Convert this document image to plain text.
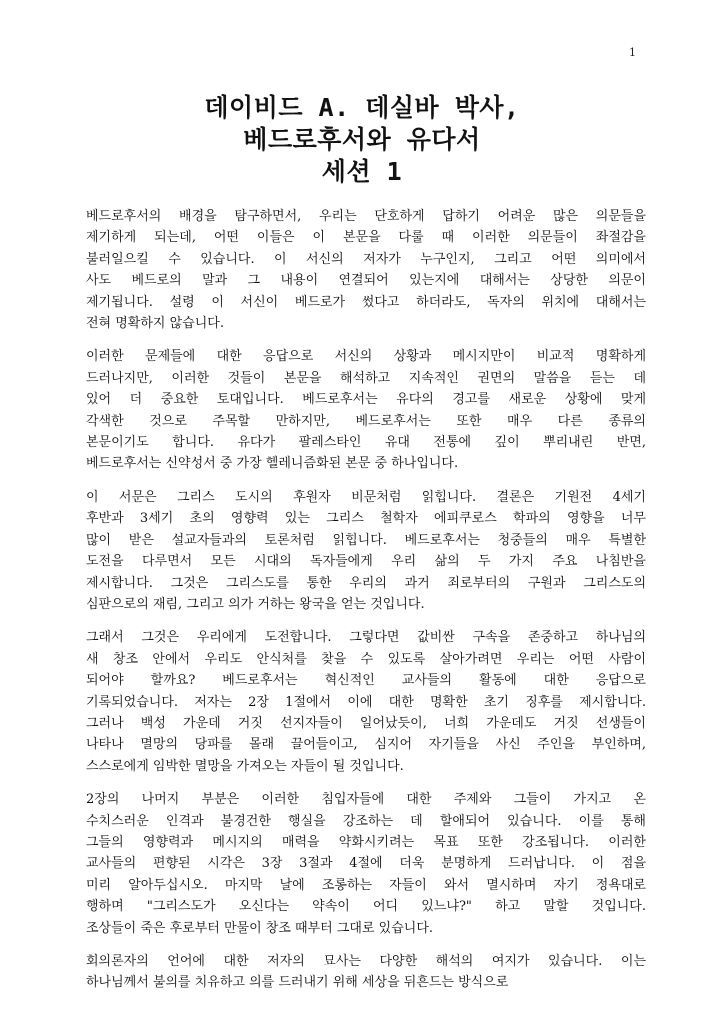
1
데이비드 A. 데실바 박사,
베드로후서와 유다서
세션 1
베드로후서의 배경을 탐구하면서, 우리는 단호하게 답하기 어려운 많은 의문들을
제기하게 되는데, 어떤 이들은 이 본문을 다룰 때 이러한 의문들이 좌절감을
불러일으킬 수 있습니다. 이 서신의 저자가 누구인지, 그리고 어떤 의미에서
사도 베드로의 말과 그 내용이 연결되어 있는지에 대해서는 상당한 의문이
제기됩니다. 설령 이 서신이 베드로가 썼다고 하더라도, 독자의 위치에 대해서는
전혀 명확하지 않습니다.
이러한 문제들에 대한 응답으로 서신의 상황과 메시지만이 비교적 명확하게
드러나지만, 이러한 것들이 본문을 해석하고 지속적인 권면의 말씀을 듣는 데
있어 더 중요한 토대입니다. 베드로후서는 유다의 경고를 새로운 상황에 맞게
각색한 것으로 주목할 만하지만, 베드로후서는 또한 매우 다른 종류의
본문이기도 합니다. 유다가 팔레스타인 유대 전통에 깊이 뿌리내린 반면,
베드로후서는 신약성서 중 가장 헬레니즘화된 본문 중 하나입니다.
이 서문은 그리스 도시의 후원자 비문처럼 읽힙니다. 결론은 기원전 4세기
후반과 3세기 초의 영향력 있는 그리스 철학자 에피쿠로스 학파의 영향을 너무
많이 받은 설교자들과의 토론처럼 읽힙니다. 베드로후서는 청중들의 매우 특별한
도전을 다루면서 모든 시대의 독자들에게 우리 삶의 두 가지 주요 나침반을
제시합니다. 그것은 그리스도를 통한 우리의 과거 죄로부터의 구원과 그리스도의
심판으로의 재림, 그리고 의가 거하는 왕국을 얻는 것입니다.
그래서 그것은 우리에게 도전합니다. 그렇다면 값비싼 구속을 존중하고 하나님의
새 창조 안에서 우리도 안식처를 찾을 수 있도록 살아가려면 우리는 어떤 사람이
되어야 할까요? 베드로후서는 혁신적인 교사들의 활동에 대한 응답으로
기록되었습니다. 저자는 2장 1절에서 이에 대한 명확한 초기 징후를 제시합니다.
그러나 백성 가운데 거짓 선지자들이 일어났듯이, 너희 가운데도 거짓 선생들이
나타나 멸망의 당파를 몰래 끌어들이고, 심지어 자기들을 사신 주인을 부인하며,
스스로에게 임박한 멸망을 가져오는 자들이 될 것입니다.
2장의 나머지 부분은 이러한 침입자들에 대한 주제와 그들이 가지고 온
수치스러운 인격과 불경건한 행실을 강조하는 데 할애되어 있습니다. 이를 통해
그들의 영향력과 메시지의 매력을 약화시키려는 목표 또한 강조됩니다. 이러한
교사들의 편향된 시각은 3장 3절과 4절에 더욱 분명하게 드러납니다. 이 점을
미리 알아두십시오. 마지막 날에 조롱하는 자들이 와서 멸시하며 자기 정욕대로
행하며 "그리스도가 오신다는 약속이 어디 있느냐?" 하고 말할 것입니다.
조상들이 죽은 후로부터 만물이 창조 때부터 그대로 있습니다.
회의론자의 언어에 대한 저자의 묘사는 다양한 해석의 여지가 있습니다. 이는
하나님께서 불의를 치유하고 의를 드러내기 위해 세상을 뒤흔드는 방식으로
